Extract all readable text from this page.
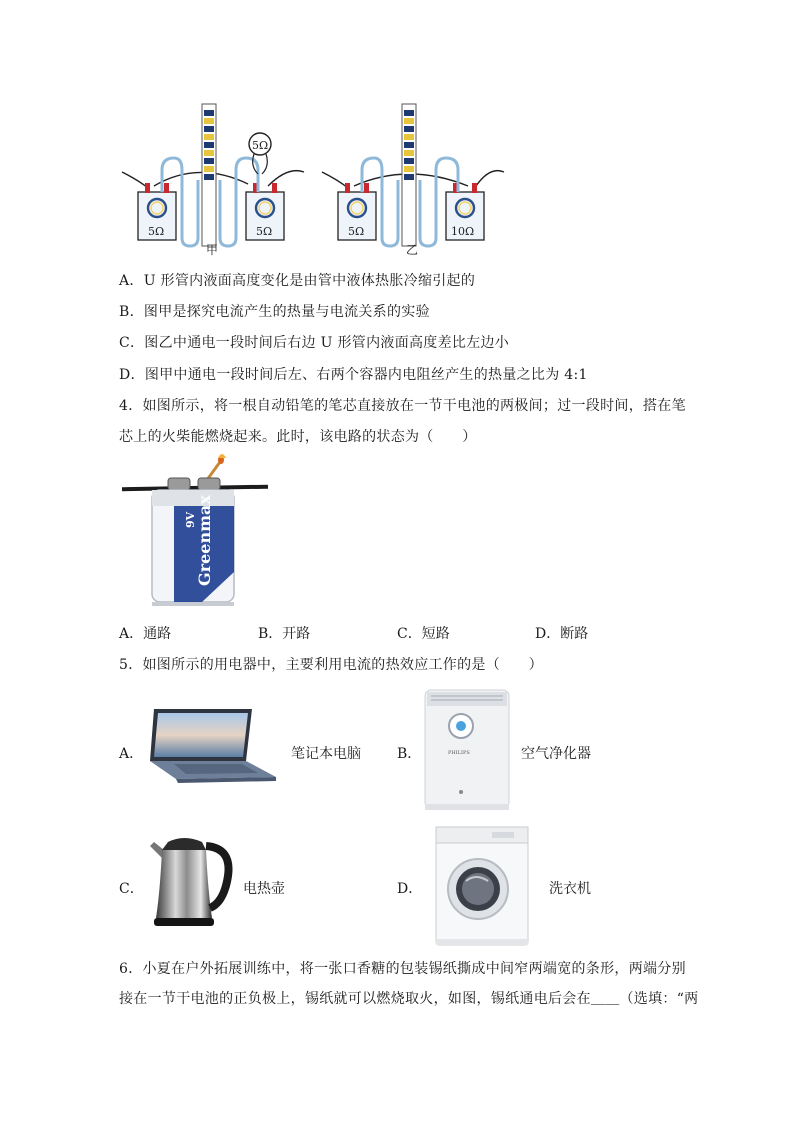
5Ω
5Ω	5Ω
甲
5Ω	10Ω
乙
A．U 形管内液面高度变化是由管中液体热胀冷缩引起的
B．图甲是探究电流产生的热量与电流关系的实验
C．图乙中通电一段时间后右边 U 形管内液面高度差比左边小
D．图甲中通电一段时间后左、右两个容器内电阻丝产生的热量之比为 4:1
4．如图所示，将一根自动铅笔的笔芯直接放在一节干电池的两极间；过一段时间，搭在笔
芯上的火柴能燃烧起来。此时，该电路的状态为（　　）
Greenmax
9V
A．通路	B．开路	C．短路	D．断路
5．如图所示的用电器中，主要利用电流的热效应工作的是（　　）
A．	笔记本电脑	B．	PHILIPS	空气净化器
C．	电热壶	D．	洗衣机
6．小夏在户外拓展训练中，将一张口香糖的包装锡纸撕成中间窄两端宽的条形，两端分别
接在一节干电池的正负极上，锡纸就可以燃烧取火，如图，锡纸通电后会在＿＿（选填：“两
